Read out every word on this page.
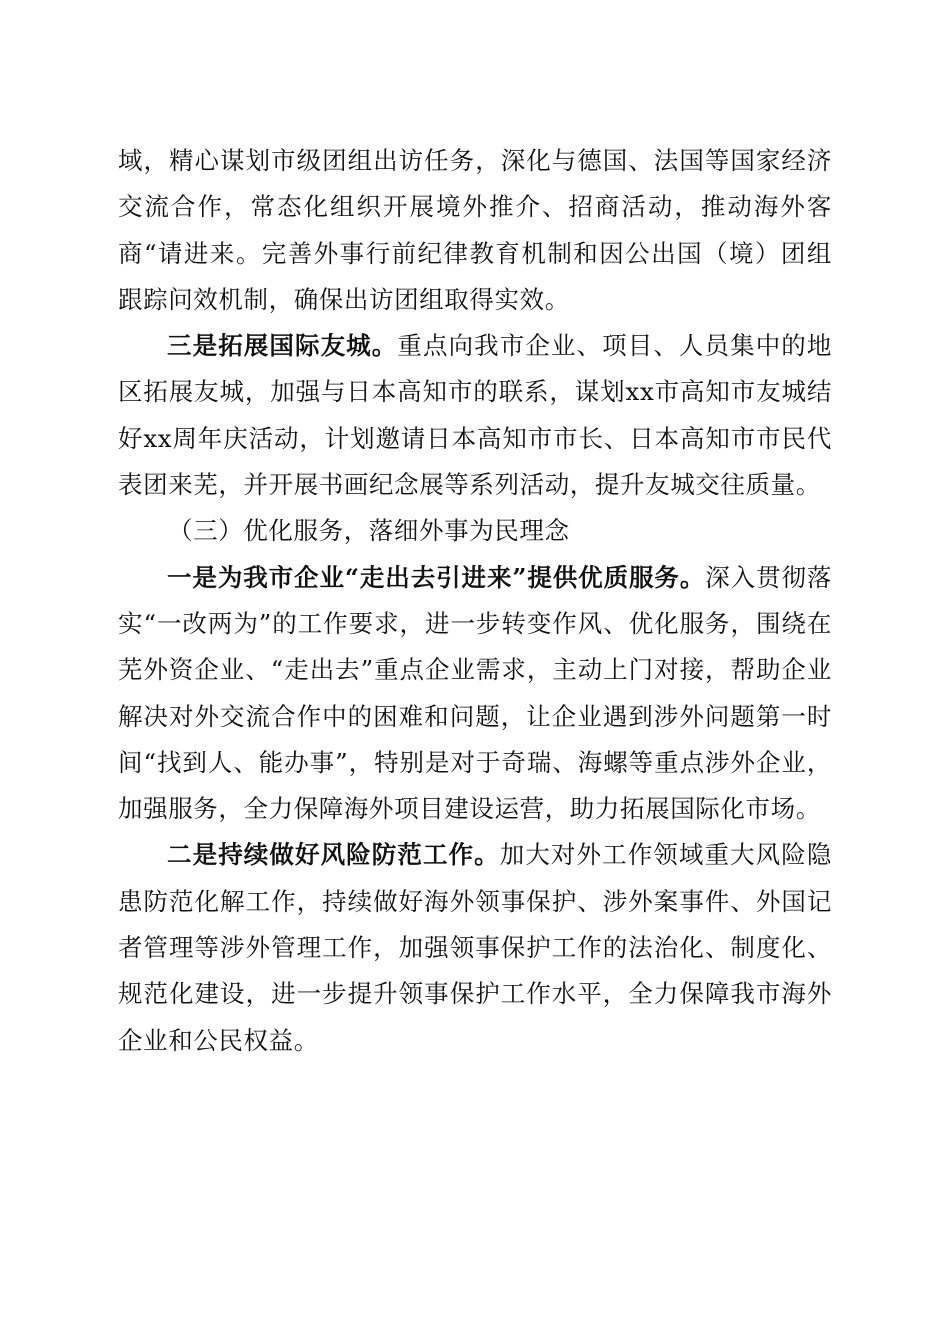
域，精心谋划市级团组出访任务，深化与德国、法国等国家经济交流合作，常态化组织开展境外推介、招商活动，推动海外客商“请进来。完善外事行前纪律教育机制和因公出国（境）团组跟踪问效机制，确保出访团组取得实效。

三是拓展国际友城。重点向我市企业、项目、人员集中的地区拓展友城，加强与日本高知市的联系，谋划xx市高知市友城结好xx周年庆活动，计划邀请日本高知市市长、日本高知市市民代表团来芜，并开展书画纪念展等系列活动，提升友城交往质量。

（三）优化服务，落细外事为民理念

一是为我市企业“走出去引进来”提供优质服务。深入贯彻落实“一改两为”的工作要求，进一步转变作风、优化服务，围绕在芜外资企业、“走出去”重点企业需求，主动上门对接，帮助企业解决对外交流合作中的困难和问题，让企业遇到涉外问题第一时间“找到人、能办事”，特别是对于奇瑞、海螺等重点涉外企业，加强服务，全力保障海外项目建设运营，助力拓展国际化市场。

二是持续做好风险防范工作。加大对外工作领域重大风险隐患防范化解工作，持续做好海外领事保护、涉外案事件、外国记者管理等涉外管理工作，加强领事保护工作的法治化、制度化、规范化建设，进一步提升领事保护工作水平，全力保障我市海外企业和公民权益。
